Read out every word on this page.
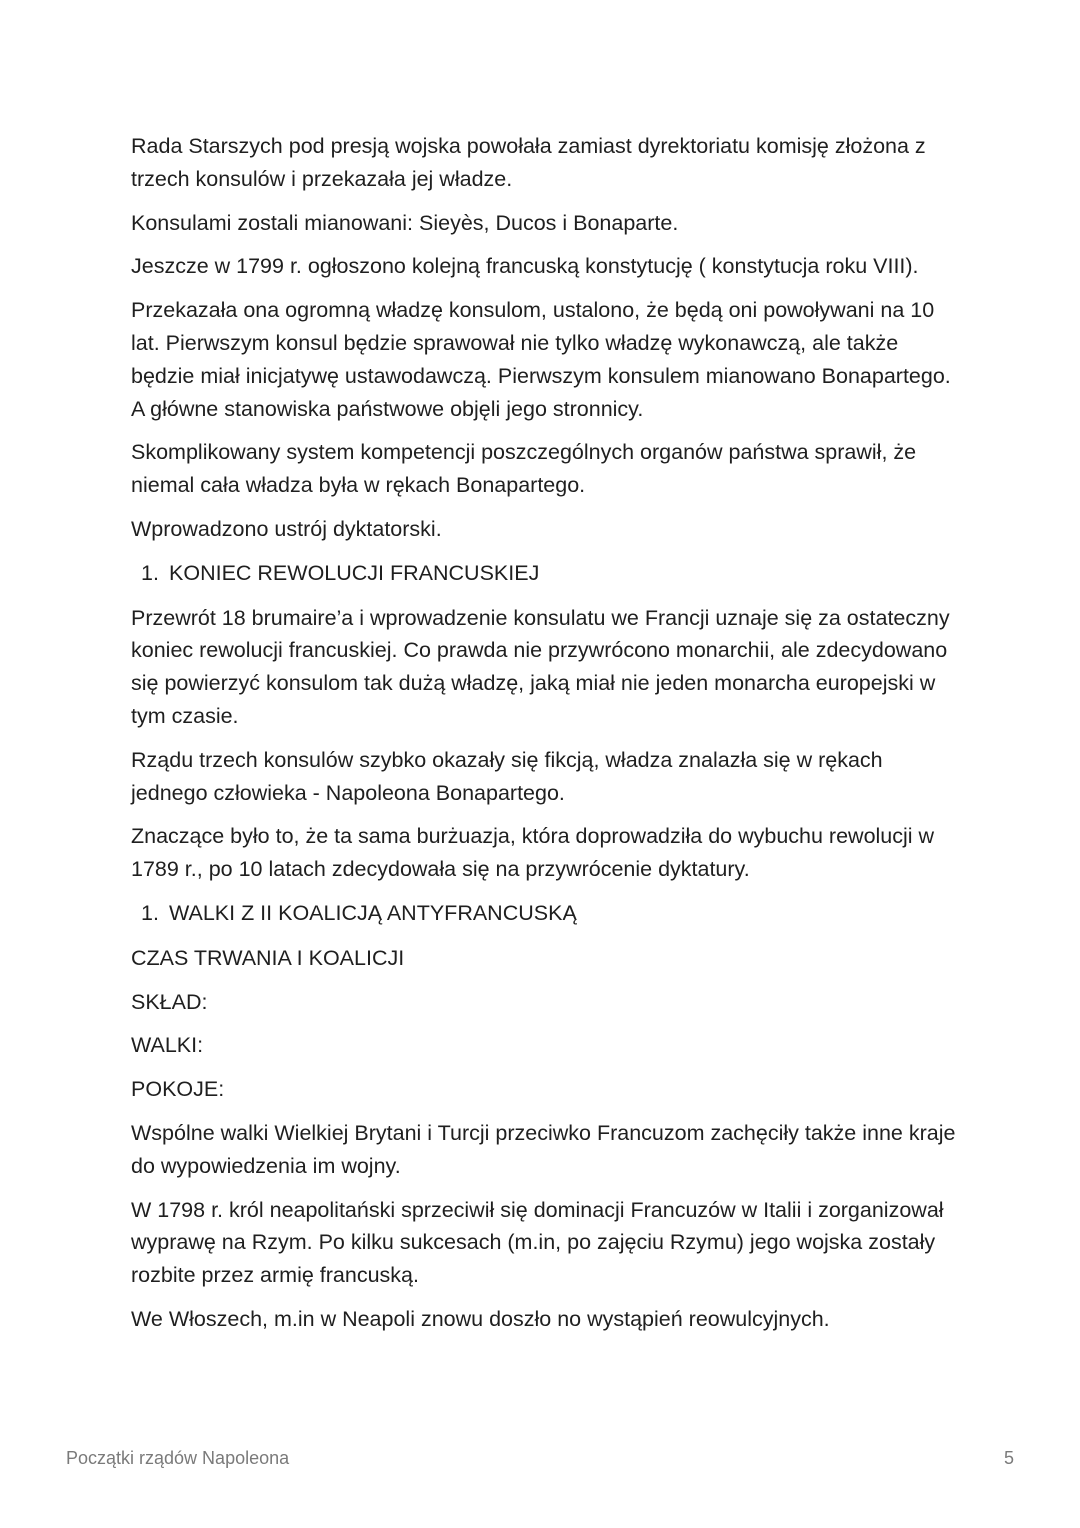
Rada Starszych pod presją wojska powołała zamiast dyrektoriatu komisję złożona z trzech konsulów i przekazała jej władze.

Konsulami zostali mianowani: Sieyès, Ducos i Bonaparte.

Jeszcze w 1799 r. ogłoszono kolejną francuską konstytucję ( konstytucja roku VIII).

Przekazała ona ogromną władzę konsulom, ustalono, że będą oni powoływani na 10 lat. Pierwszym konsul będzie sprawował nie tylko władzę wykonawczą, ale także będzie miał inicjatywę ustawodawczą. Pierwszym konsulem mianowano Bonapartego. A główne stanowiska państwowe objęli jego stronnicy.

Skomplikowany system kompetencji poszczególnych organów państwa sprawił, że niemal cała władza była w rękach Bonapartego.

Wprowadzono ustrój dyktatorski.

1. KONIEC REWOLUCJI FRANCUSKIEJ

Przewrót 18 brumaire’a i wprowadzenie konsulatu we Francji uznaje się za ostateczny koniec rewolucji francuskiej. Co prawda nie przywrócono monarchii, ale zdecydowano się powierzyć konsulom tak dużą władzę, jaką miał nie jeden monarcha europejski w tym czasie.

Rządu trzech konsulów szybko okazały się fikcją, władza znalazła się w rękach jednego człowieka - Napoleona Bonapartego.

Znaczące było to, że ta sama burżuazja, która doprowadziła do wybuchu rewolucji w 1789 r., po 10 latach zdecydowała się na przywrócenie dyktatury.

1. WALKI Z II KOALICJĄ ANTYFRANCUSKĄ

CZAS TRWANIA I KOALICJI

SKŁAD:

WALKI:

POKOJE:

Wspólne walki Wielkiej Brytani i Turcji przeciwko Francuzom zachęciły także inne kraje do wypowiedzenia im wojny.

W 1798 r. król neapolitański sprzeciwił się dominacji Francuzów w Italii i zorganizował wyprawę na Rzym. Po kilku sukcesach (m.in, po zajęciu Rzymu) jego wojska zostały rozbite przez armię francuską.

We Włoszech, m.in w Neapoli znowu doszło no wystąpień reowulcyjnych.

Początki rządów Napoleona	5
